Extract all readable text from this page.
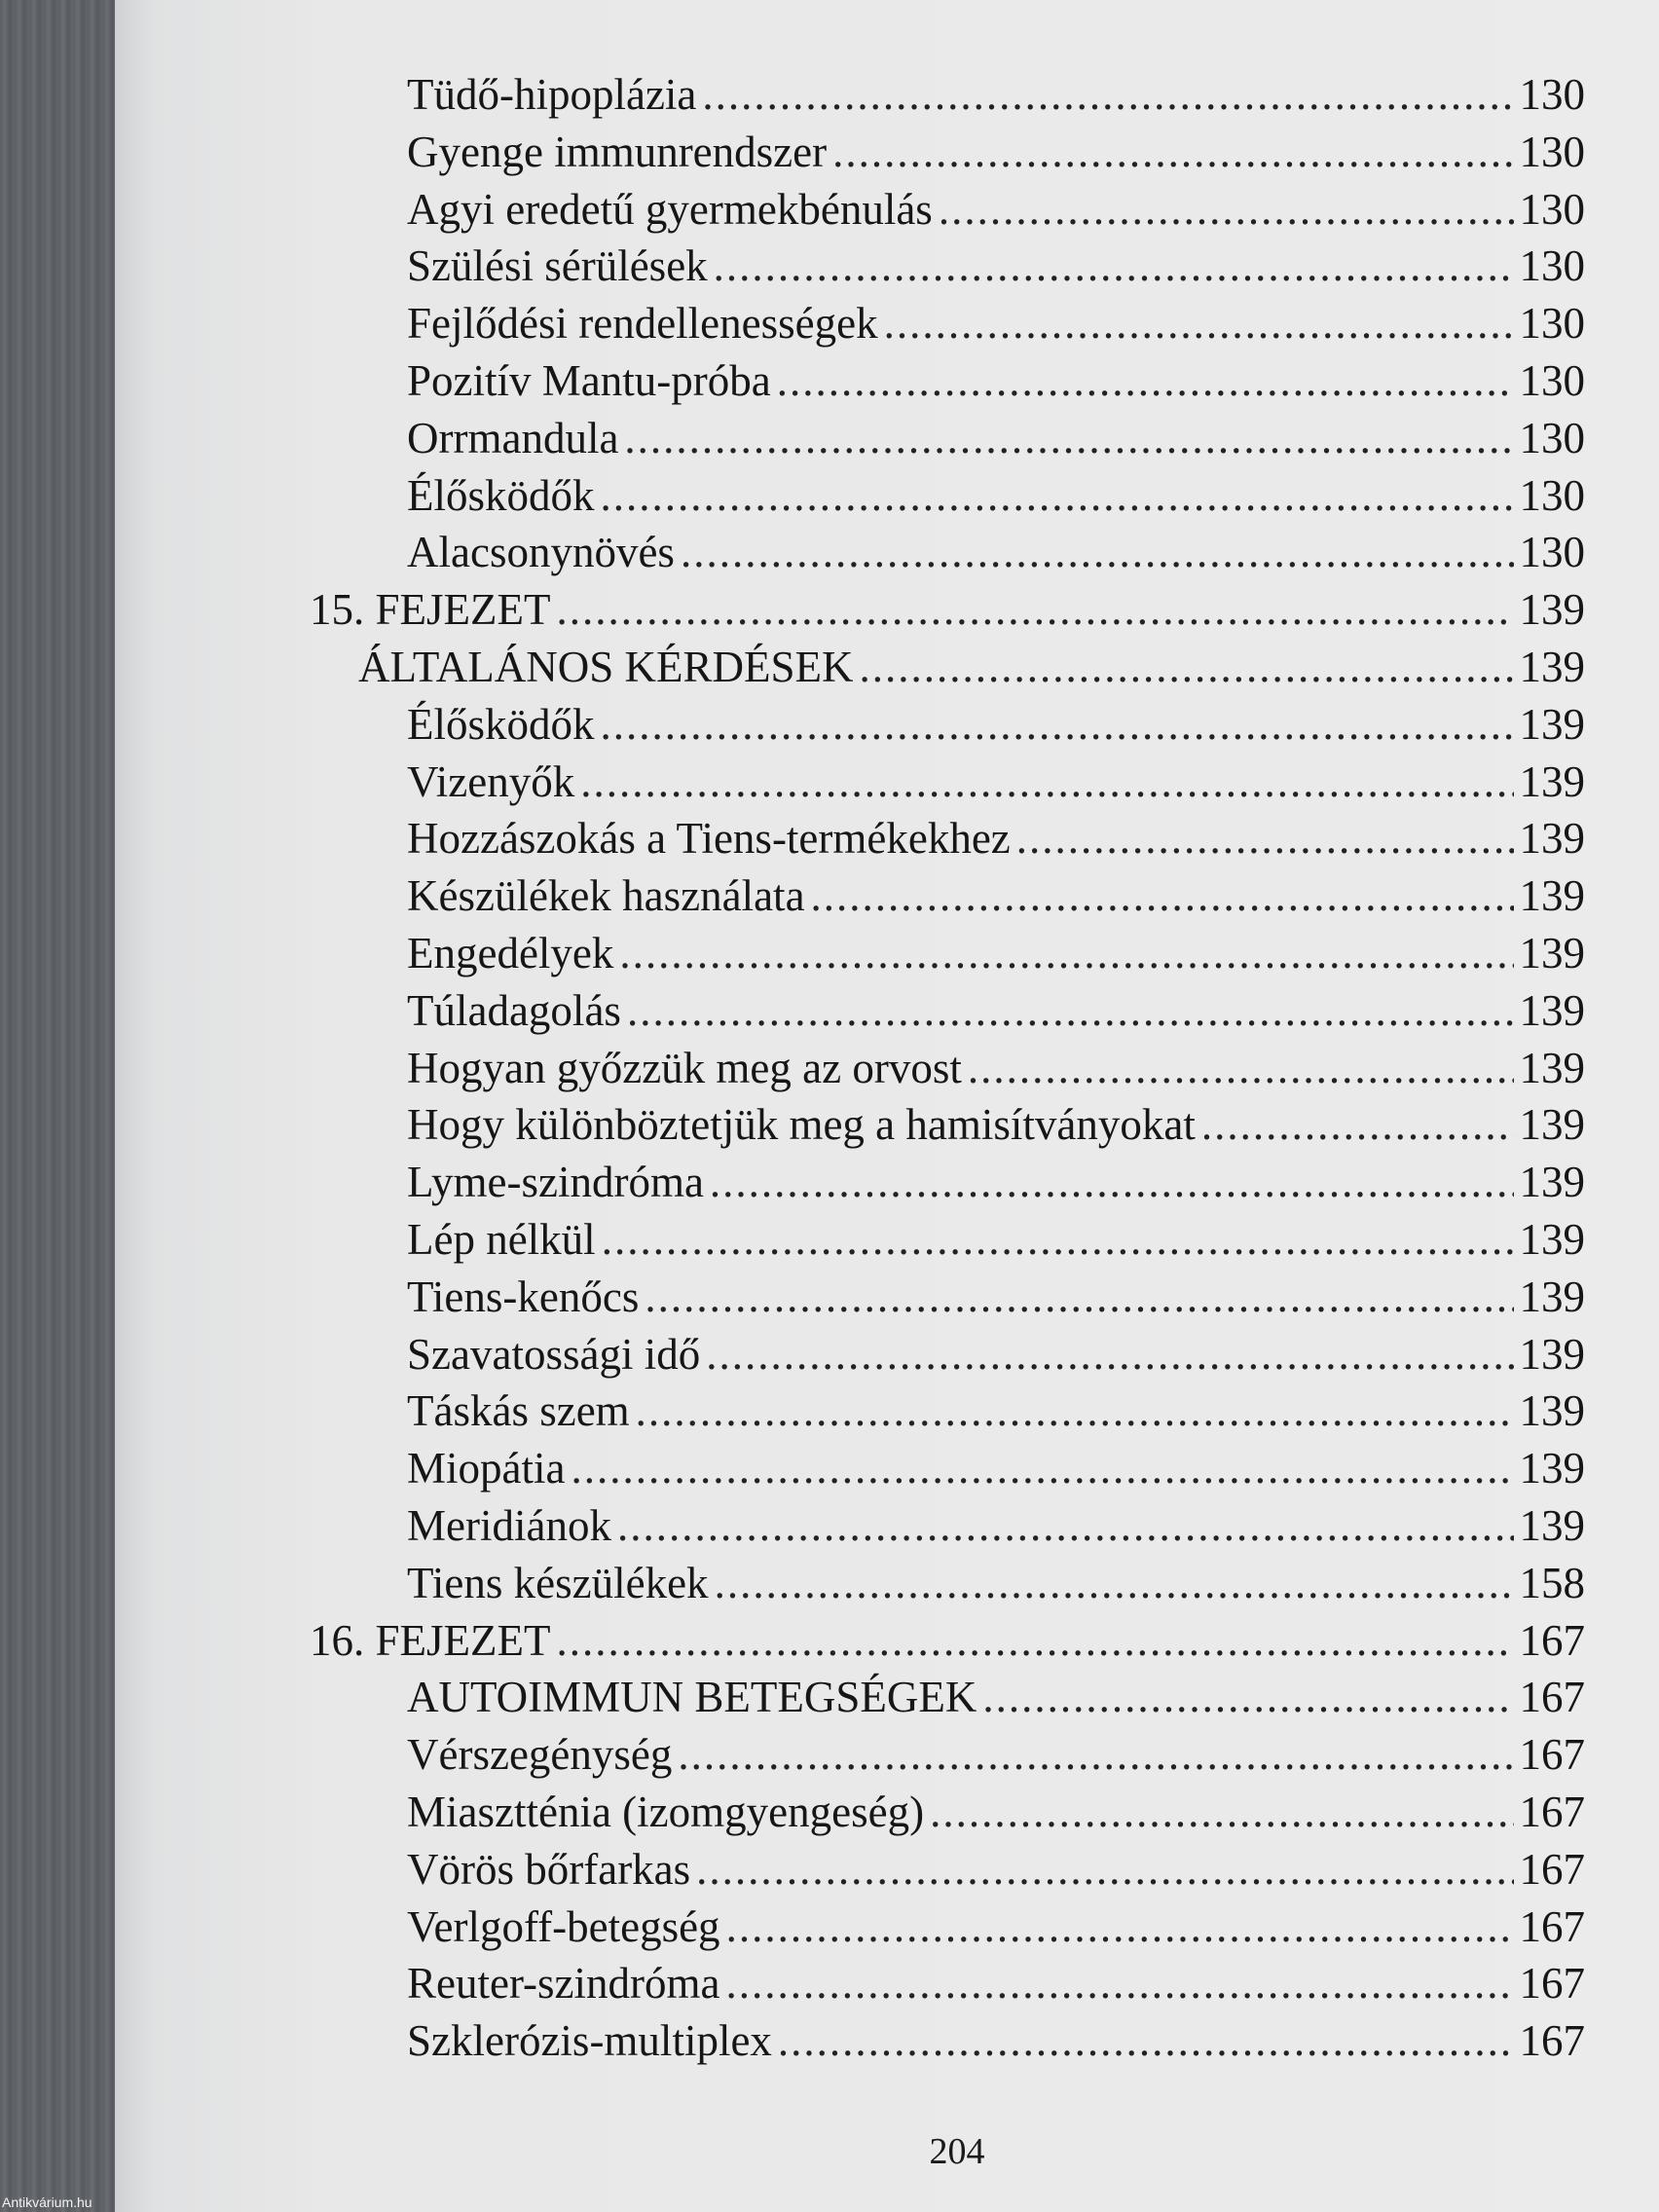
Tüdő-hipoplázia .....	130
Gyenge immunrendszer .....	130
Agyi eredetű gyermekbénulás .....	130
Szülési sérülések .....	130
Fejlődési rendellenességek .....	130
Pozitív Mantu-próba .....	130
Orrmandula .....	130
Élősködők .....	130
Alacsonynövés .....	130
15. FEJEZET .....	139
ÁLTALÁNOS KÉRDÉSEK .....	139
Élősködők .....	139
Vizenyők .....	139
Hozzászokás a Tiens-termékekhez .....	139
Készülékek használata .....	139
Engedélyek .....	139
Túladagolás .....	139
Hogyan győzzük meg az orvost .....	139
Hogy különböztetjük meg a hamisítványokat .....	139
Lyme-szindróma .....	139
Lép nélkül .....	139
Tiens-kenőcs .....	139
Szavatossági idő .....	139
Táskás szem .....	139
Miopátia .....	139
Meridiánok .....	139
Tiens készülékek .....	158
16. FEJEZET .....	167
AUTOIMMUN BETEGSÉGEK .....	167
Vérszegénység .....	167
Miasztténia (izomgyengeség) .....	167
Vörös bőrfarkas .....	167
Verlgoff-betegség .....	167
Reuter-szindróma .....	167
Szklerózis-multiplex .....	167
204
Antikvárium.hu
